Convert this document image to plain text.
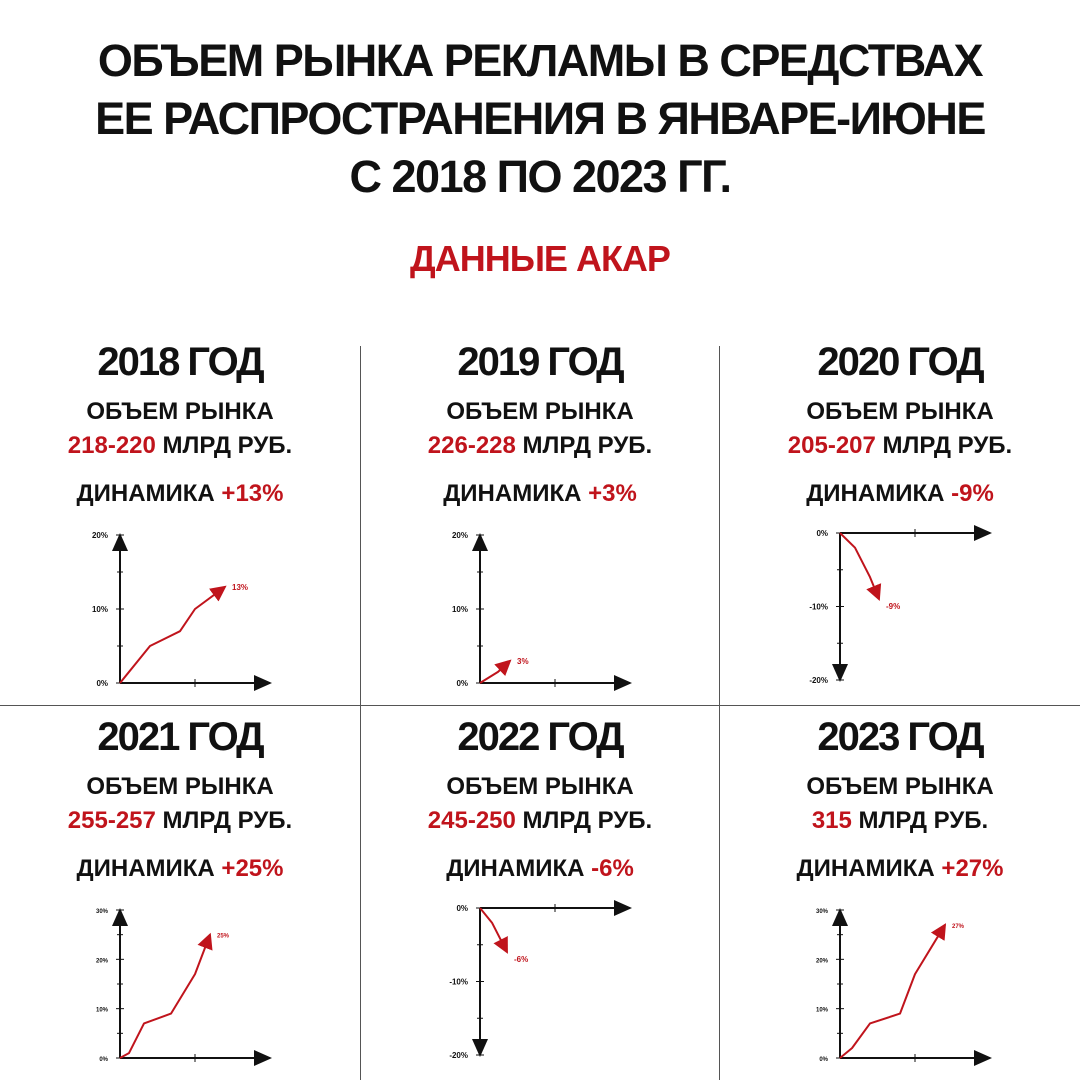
ОБЪЕМ РЫНКА РЕКЛАМЫ В СРЕДСТВАХ
ЕЕ РАСПРОСТРАНЕНИЯ В ЯНВАРЕ-ИЮНЕ
С 2018 ПО 2023 ГГ.
ДАННЫЕ АКАР
2018 ГОД
ОБЪЕМ РЫНКА
218-220 МЛРД РУБ.
ДИНАМИКА +13%
20%
10%
0%
13%
2019 ГОД
ОБЪЕМ РЫНКА
226-228 МЛРД РУБ.
ДИНАМИКА +3%
20%
10%
0%
3%
2020 ГОД
ОБЪЕМ РЫНКА
205-207 МЛРД РУБ.
ДИНАМИКА -9%
0%
-10%
-20%
-9%
2021 ГОД
ОБЪЕМ РЫНКА
255-257 МЛРД РУБ.
ДИНАМИКА +25%
30%
20%
10%
0%
25%
2022 ГОД
ОБЪЕМ РЫНКА
245-250 МЛРД РУБ.
ДИНАМИКА -6%
0%
-10%
-20%
-6%
2023 ГОД
ОБЪЕМ РЫНКА
315 МЛРД РУБ.
ДИНАМИКА +27%
30%
20%
10%
0%
27%
